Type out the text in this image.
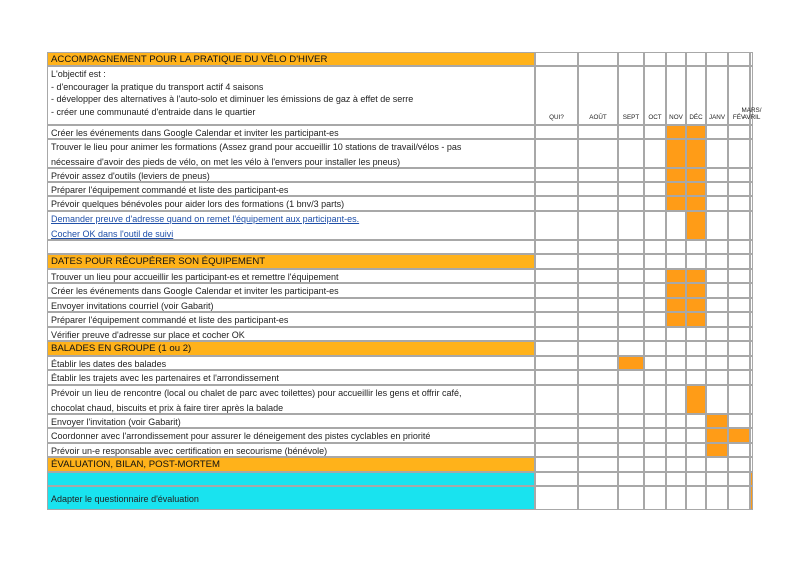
ACCOMPAGNEMENT POUR LA PRATIQUE DU VÉLO D'HIVER
L'objectif est :
- d'encourager la pratique du transport actif 4 saisons
- développer des alternatives à l'auto-solo et diminuer les émissions de gaz à effet de serre
- créer une communauté d'entraide dans le quartier
Créer les événements dans Google Calendar et inviter les participant-es
Trouver le lieu pour animer les formations (Assez grand pour accueillir 10 stations de travail/vélos - pas
nécessaire d'avoir des pieds de vélo, on met les vélo à l'envers pour installer les pneus)
Prévoir assez d'outils (leviers de pneus)
Préparer l'équipement commandé et liste des participant-es
Prévoir quelques bénévoles pour aider lors des formations (1 bnv/3 parts)
Demander preuve d'adresse quand on remet l'équipement aux participant-es.
Cocher OK dans l'outil de suivi
DATES POUR RÉCUPÉRER SON ÉQUIPEMENT
Trouver un lieu pour accueillir les participant-es et remettre l'équipement
Créer les événements dans Google Calendar et inviter les participant-es
Envoyer invitations courriel (voir Gabarit)
Préparer l'équipement commandé et liste des participant-es
Vérifier preuve d'adresse sur place et cocher OK
BALADES EN GROUPE (1 ou 2)
Établir les dates des balades
Établir les trajets avec les partenaires et l'arrondissement
Prévoir un lieu de rencontre (local ou chalet de parc avec toilettes) pour accueillir les gens et offrir café,
chocolat chaud, biscuits et prix à faire tirer après la balade
Envoyer l'invitation (voir Gabarit)
Coordonner avec l'arrondissement pour assurer le déneigement des pistes cyclables en priorité
Prévoir un-e responsable avec certification en secourisme (bénévole)
ÉVALUATION, BILAN, POST-MORTEM
Adapter le questionnaire d'évaluation
QUI?	AOÛT	SEPT OCT NOV DÉC JANV FÉV
MARS/
AVRIL
